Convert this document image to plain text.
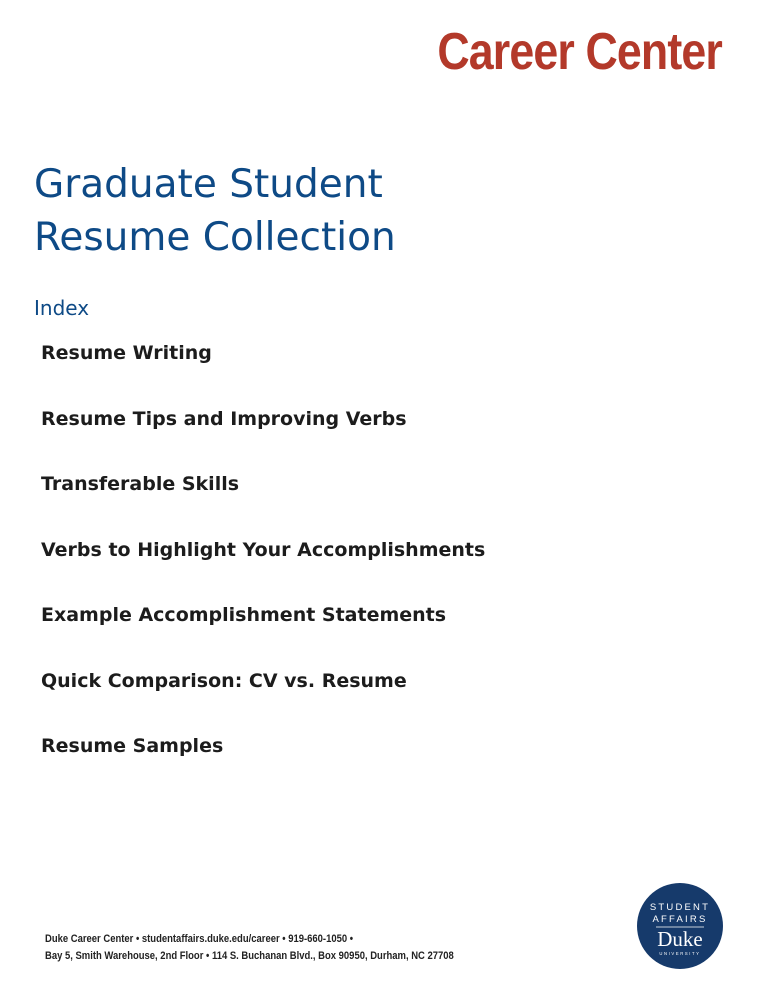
Career Center
Graduate Student
Resume Collection
Index
Resume Writing
Resume Tips and Improving Verbs
Transferable Skills
Verbs to Highlight Your Accomplishments
Example Accomplishment Statements
Quick Comparison: CV vs. Resume
Resume Samples
Duke Career Center • studentaffairs.duke.edu/career • 919-660-1050 •
Bay 5, Smith Warehouse, 2nd Floor • 114 S. Buchanan Blvd., Box 90950, Durham, NC 27708
STUDENT
AFFAIRS
Duke
UNIVERSITY
